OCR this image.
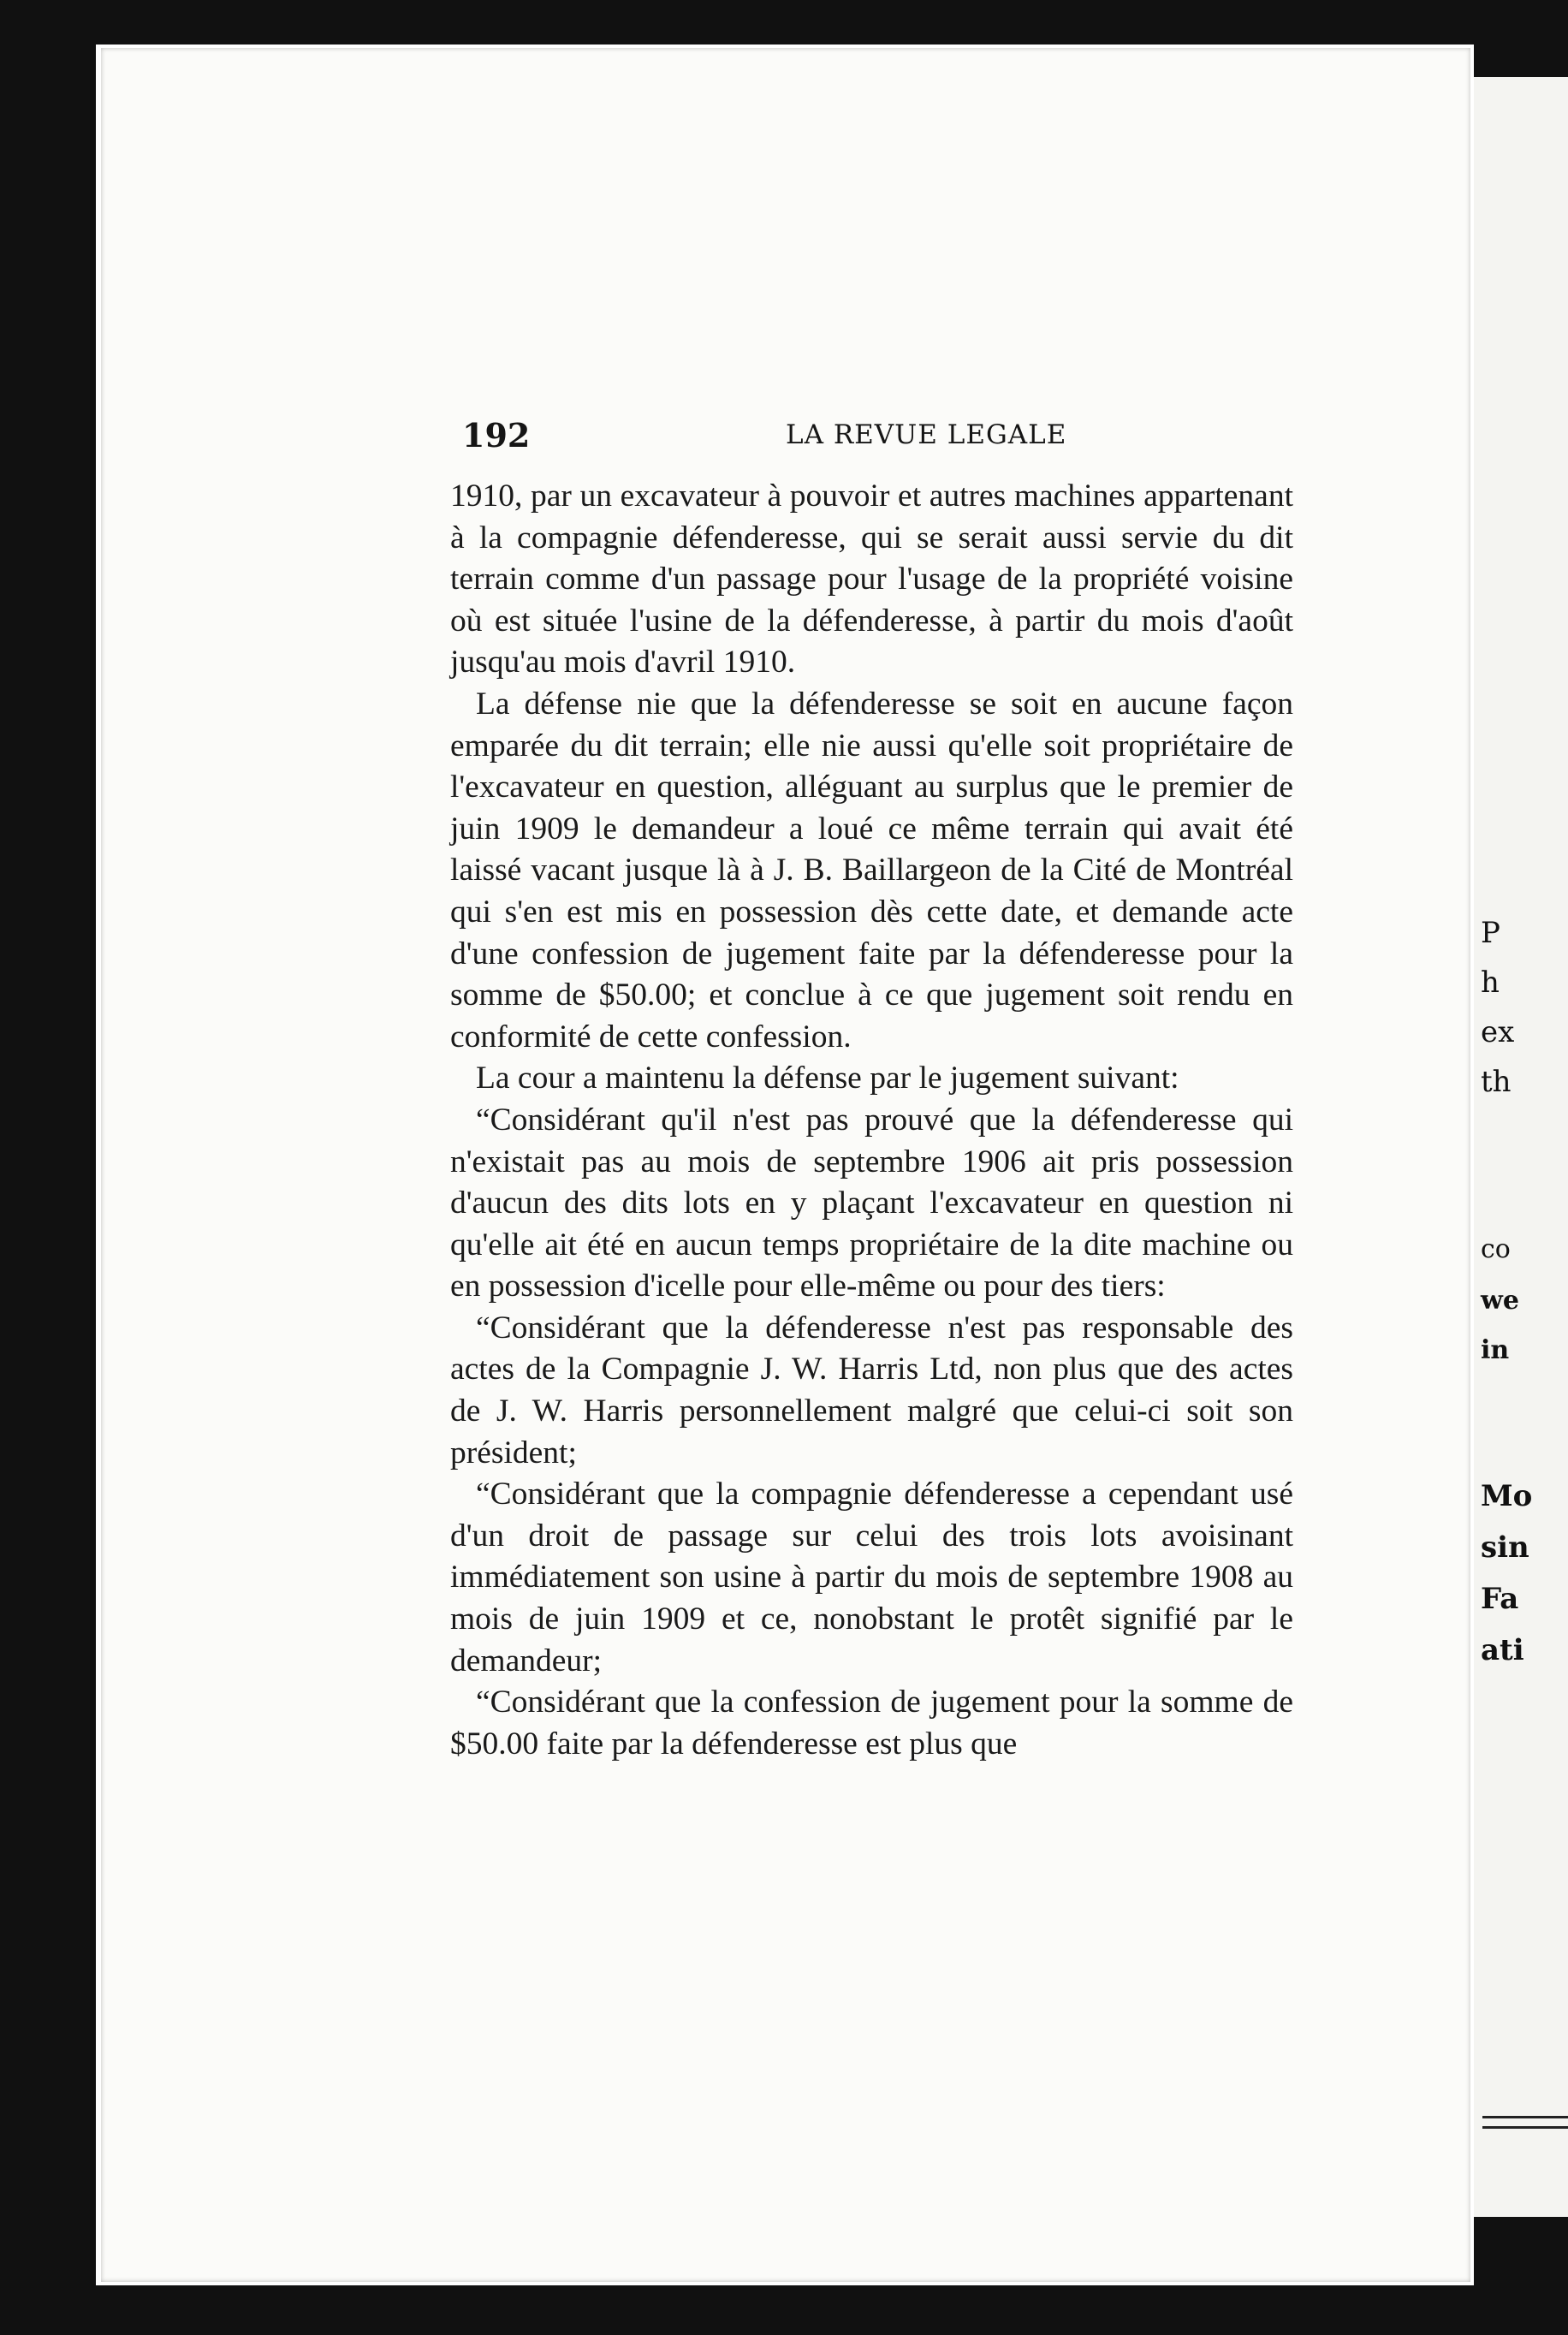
P
h
ex
th
co
we
in
Mo
sin
Fa
ati
192	LA REVUE LEGALE

1910, par un excavateur à pouvoir et autres machines appartenant à la compagnie défenderesse, qui se serait aussi servie du dit terrain comme d'un passage pour l'usage de la propriété voisine où est située l'usine de la défenderesse, à partir du mois d'août jusqu'au mois d'avril 1910.

La défense nie que la défenderesse se soit en aucune façon emparée du dit terrain; elle nie aussi qu'elle soit propriétaire de l'excavateur en question, alléguant au surplus que le premier de juin 1909 le demandeur a loué ce même terrain qui avait été laissé vacant jusque là à J. B. Baillargeon de la Cité de Montréal qui s'en est mis en possession dès cette date, et demande acte d'une confession de jugement faite par la défenderesse pour la somme de $50.00; et conclue à ce que jugement soit rendu en conformité de cette confession.

La cour a maintenu la défense par le jugement suivant:

“Considérant qu'il n'est pas prouvé que la défenderesse qui n'existait pas au mois de septembre 1906 ait pris possession d'aucun des dits lots en y plaçant l'excavateur en question ni qu'elle ait été en aucun temps propriétaire de la dite machine ou en possession d'icelle pour elle-même ou pour des tiers:

“Considérant que la défenderesse n'est pas responsable des actes de la Compagnie J. W. Harris Ltd, non plus que des actes de J. W. Harris personnellement malgré que celui-ci soit son président;

“Considérant que la compagnie défenderesse a cependant usé d'un droit de passage sur celui des trois lots avoisinant immédiatement son usine à partir du mois de septembre 1908 au mois de juin 1909 et ce, nonobstant le protêt signifié par le demandeur;

“Considérant que la confession de jugement pour la somme de $50.00 faite par la défenderesse est plus que
